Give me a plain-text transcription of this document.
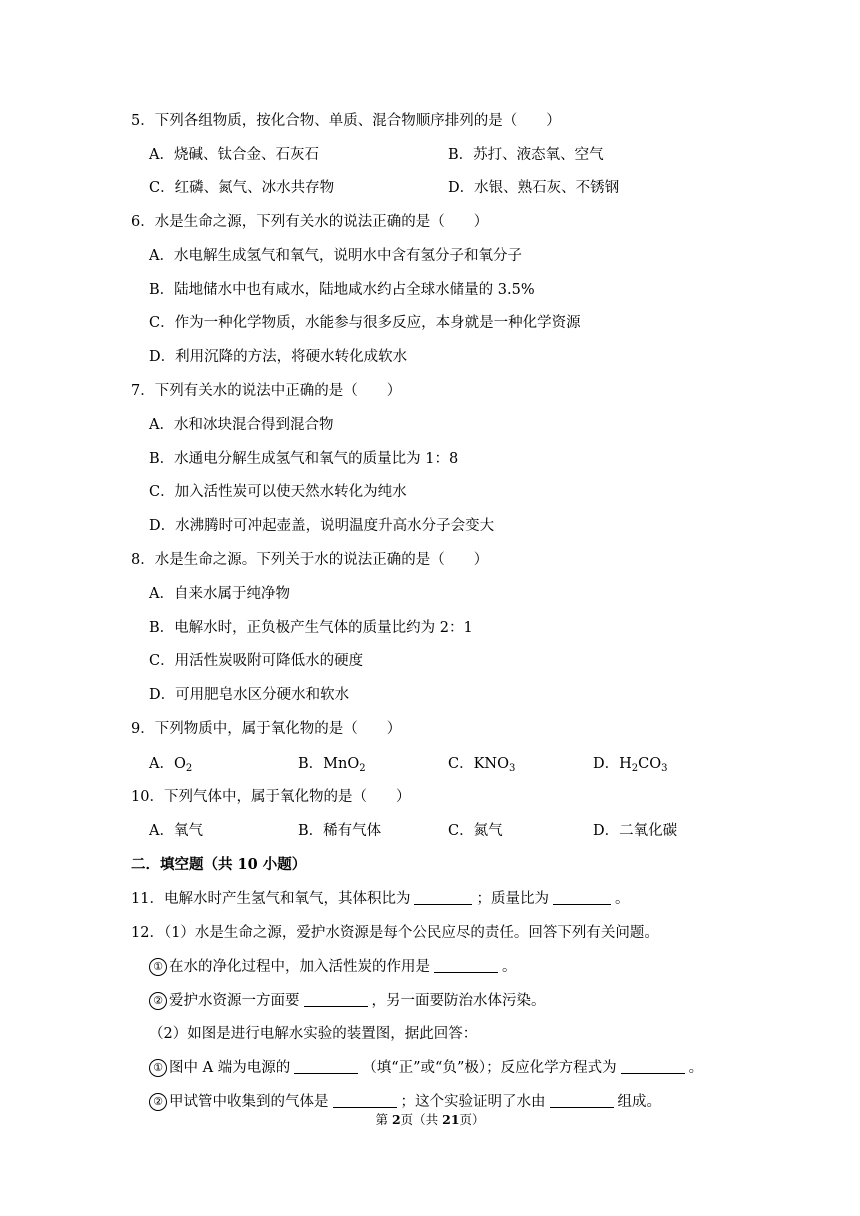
5．下列各组物质，按化合物、单质、混合物顺序排列的是（　　）
A．烧碱、钛合金、石灰石	B．苏打、液态氧、空气
C．红磷、氮气、冰水共存物	D．水银、熟石灰、不锈钢
6．水是生命之源，下列有关水的说法正确的是（　　）
A．水电解生成氢气和氧气，说明水中含有氢分子和氧分子
B．陆地储水中也有咸水，陆地咸水约占全球水储量的 3.5%
C．作为一种化学物质，水能参与很多反应，本身就是一种化学资源
D．利用沉降的方法，将硬水转化成软水
7．下列有关水的说法中正确的是（　　）
A．水和冰块混合得到混合物
B．水通电分解生成氢气和氧气的质量比为 1：8
C．加入活性炭可以使天然水转化为纯水
D．水沸腾时可冲起壶盖，说明温度升高水分子会变大
8．水是生命之源。下列关于水的说法正确的是（　　）
A．自来水属于纯净物
B．电解水时，正负极产生气体的质量比约为 2：1
C．用活性炭吸附可降低水的硬度
D．可用肥皂水区分硬水和软水
9．下列物质中，属于氧化物的是（　　）
A．$O_2$	B．MnO$_2$	C．$KNO_3$	D．$H_2CO_3$
10．下列气体中，属于氧化物的是（　　）
A．氧气	B．稀有气体	C．氮气	D．二氧化碳
二．填空题（共 10 小题）
11．电解水时产生氢气和氧气，其体积比为	；质量比为	。
12．（1）水是生命之源，爱护水资源是每个公民应尽的责任。回答下列有关问题。
① 在水的净化过程中，加入活性炭的作用是	。
② 爱护水资源一方面要	，另一面要防治水体污染。
（2）如图是进行电解水实验的装置图，据此回答：
① 图中 A 端为电源的	（填“正”或“负”极）；反应化学方程式为	。
② 甲试管中收集到的气体是	；这个实验证明了水由	组成。
第 2页（共 21页）
